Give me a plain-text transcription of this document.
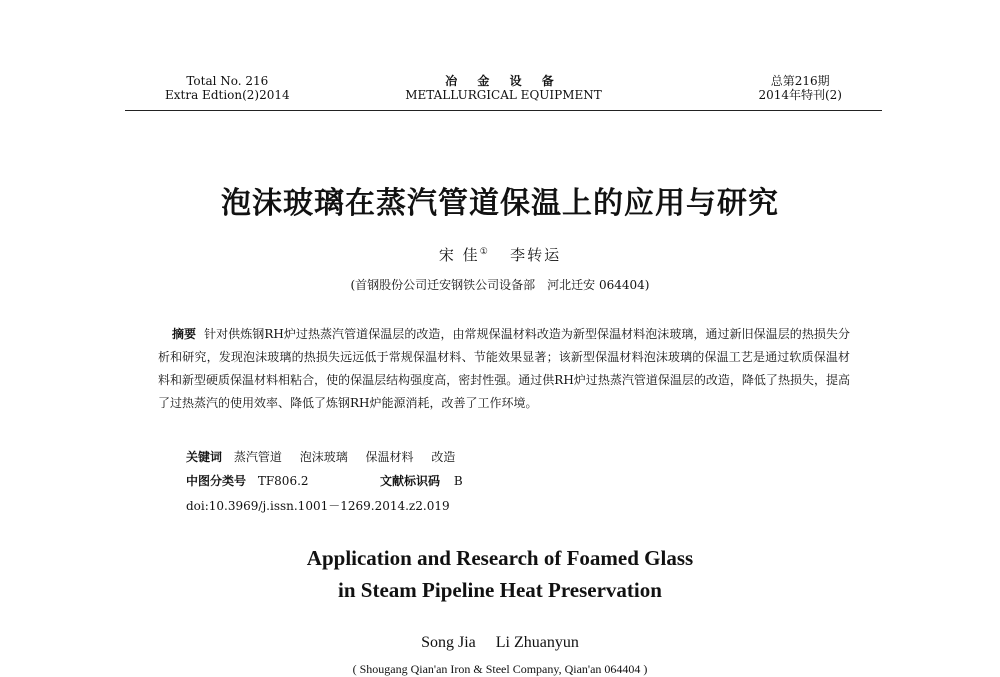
Total No. 216
Extra Edtion(2)2014
冶 金 设 备
METALLURGICAL EQUIPMENT
总第216期
2014年特刊(2)
泡沫玻璃在蒸汽管道保温上的应用与研究
宋 佳① 李转运
(首钢股份公司迁安钢铁公司设备部　河北迁安 064404)
摘要 针对供炼钢RH炉过热蒸汽管道保温层的改造，由常规保温材料改造为新型保温材料泡沫玻璃，通过新旧保温层的热损失分析和研究，发现泡沫玻璃的热损失远远低于常规保温材料、节能效果显著；该新型保温材料泡沫玻璃的保温工艺是通过软质保温材料和新型硬质保温材料相粘合，使的保温层结构强度高，密封性强。通过供RH炉过热蒸汽管道保温层的改造，降低了热损失，提高了过热蒸汽的使用效率、降低了炼钢RH炉能源消耗，改善了工作环境。
关键词 蒸汽管道 泡沫玻璃 保温材料 改造
中图分类号 TF806.2	文献标识码 B
doi:10.3969/j.issn.1001－1269.2014.z2.019
Application and Research of Foamed Glass
in Steam Pipeline Heat Preservation
Song Jia Li Zhuanyun
( Shougang Qian'an Iron & Steel Company, Qian'an 064404 )
